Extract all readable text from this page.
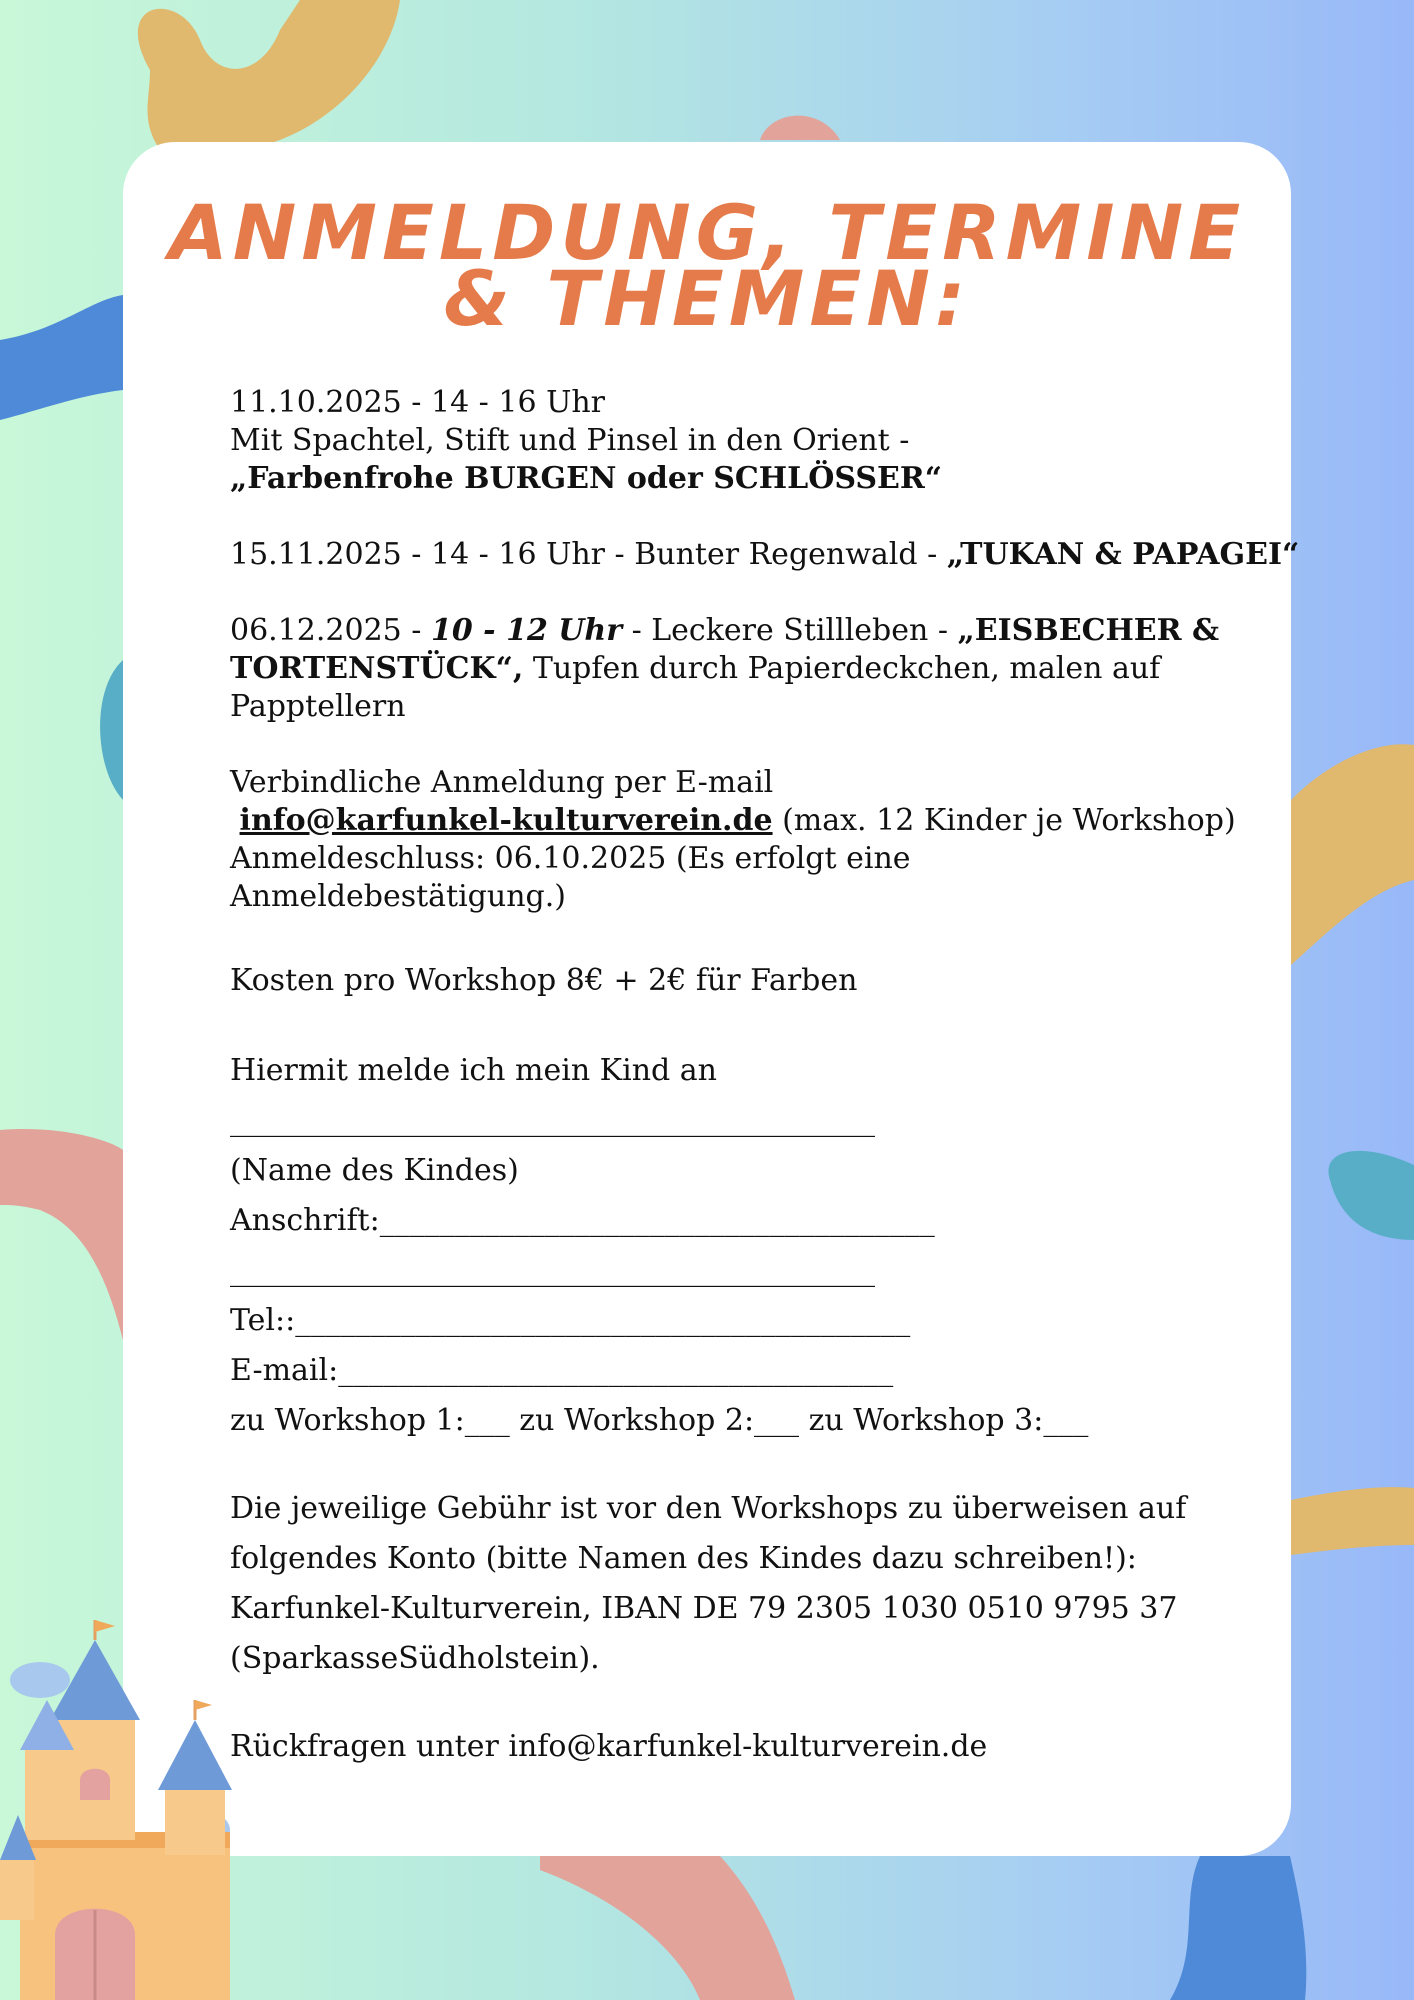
ANMELDUNG, TERMINE & THEMEN:

11.10.2025 - 14 - 16 Uhr

Mit Spachtel, Stift und Pinsel in den Orient -

„Farbenfrohe BURGEN oder SCHLÖSSER“

15.11.2025 - 14 - 16 Uhr - Bunter Regenwald - „TUKAN & PAPAGEI“

06.12.2025 - 10 - 12 Uhr - Leckere Stillleben - „EISBECHER &

TORTENSTÜCK“, Tupfen durch Papierdeckchen, malen auf

Papptellern

Verbindliche Anmeldung per E-mail

info@karfunkel-kulturverein.de (max. 12 Kinder je Workshop)

Anmeldeschluss: 06.10.2025 (Es erfolgt eine

Anmeldebestätigung.)

Kosten pro Workshop 8€ + 2€ für Farben

Hiermit melde ich mein Kind an

___________________________________________

(Name des Kindes)

Anschrift:_____________________________________

___________________________________________

Tel::_________________________________________

E-mail:_____________________________________

zu Workshop 1:___ zu Workshop 2:___ zu Workshop 3:___

Die jeweilige Gebühr ist vor den Workshops zu überweisen auf

folgendes Konto (bitte Namen des Kindes dazu schreiben!):

Karfunkel-Kulturverein, IBAN DE 79 2305 1030 0510 9795 37

(SparkasseSüdholstein).

Rückfragen unter info@karfunkel-kulturverein.de
